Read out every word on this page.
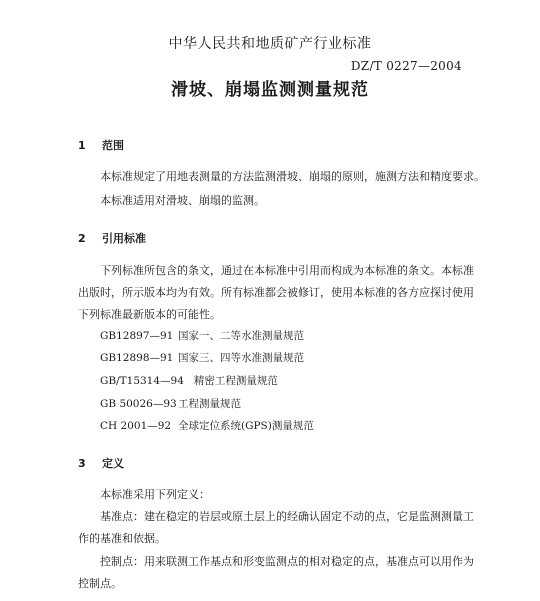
中华人民共和地质矿产行业标准
DZ/T 0227—2004
滑坡、崩塌监测测量规范
1 范围
本标准规定了用地表测量的方法监测滑坡、崩塌的原则，施测方法和精度要求。
本标准适用对滑坡、崩塌的监测。
2 引用标准
下列标准所包含的条文，通过在本标准中引用而构成为本标准的条文。本标准
出版时，所示版本均为有效。所有标准都会被修订，使用本标准的各方应探讨使用
下列标准最新版本的可能性。
GB12897—91 国家一、二等水准测量规范
GB12898—91 国家三、四等水准测量规范
GB/T15314—94 精密工程测量规范
GB 50026—93工程测量规范
CH 2001—92 全球定位系统(GPS)测量规范
3 定义
本标准采用下列定义：
基准点：建在稳定的岩层或原土层上的经确认固定不动的点，它是监测测量工
作的基准和依据。
控制点：用来联测工作基点和形变监测点的相对稳定的点，基准点可以用作为
控制点。
